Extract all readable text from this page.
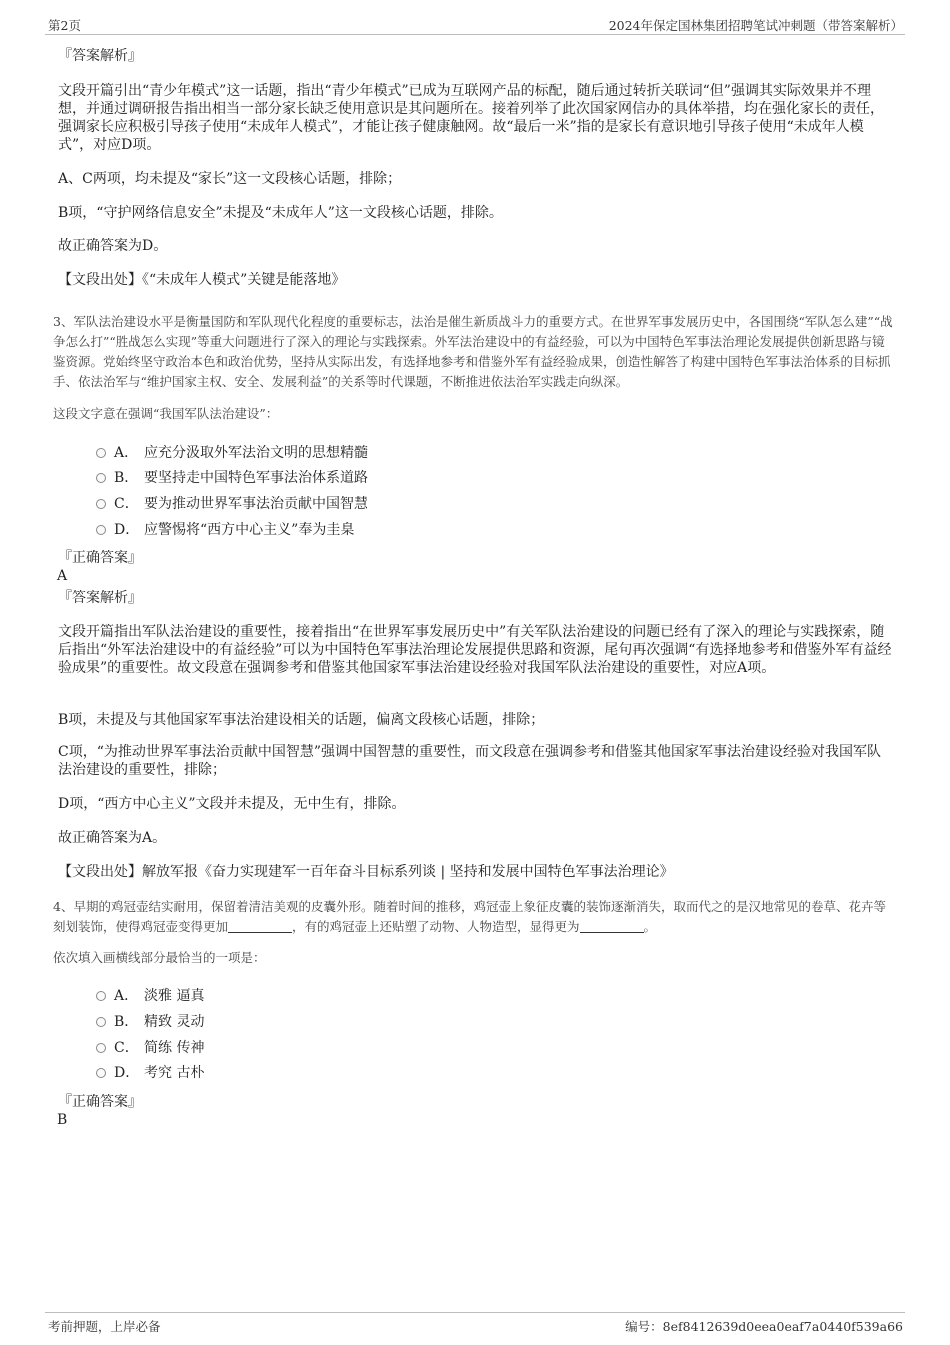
第2页	2024年保定国林集团招聘笔试冲刺题（带答案解析）
『答案解析』
文段开篇引出“青少年模式”这一话题，指出“青少年模式”已成为互联网产品的标配，随后通过转折关联词“但”强调其实际效果并不理想，并通过调研报告指出相当一部分家长缺乏使用意识是其问题所在。接着列举了此次国家网信办的具体举措，均在强化家长的责任，强调家长应积极引导孩子使用“未成年人模式”，才能让孩子健康触网。故“最后一米”指的是家长有意识地引导孩子使用“未成年人模式”，对应D项。
A、C两项，均未提及“家长”这一文段核心话题，排除；
B项，“守护网络信息安全”未提及“未成年人”这一文段核心话题，排除。
故正确答案为D。
【文段出处】《“未成年人模式”关键是能落地》
3、军队法治建设水平是衡量国防和军队现代化程度的重要标志，法治是催生新质战斗力的重要方式。在世界军事发展历史中，各国围绕“军队怎么建”“战争怎么打”“胜战怎么实现”等重大问题进行了深入的理论与实践探索。外军法治建设中的有益经验，可以为中国特色军事法治理论发展提供创新思路与镜鉴资源。党始终坚守政治本色和政治优势，坚持从实际出发，有选择地参考和借鉴外军有益经验成果，创造性解答了构建中国特色军事法治体系的目标抓手、依法治军与“维护国家主权、安全、发展利益”的关系等时代课题，不断推进依法治军实践走向纵深。
这段文字意在强调“我国军队法治建设”：
A． 应充分汲取外军法治文明的思想精髓
B． 要坚持走中国特色军事法治体系道路
C． 要为推动世界军事法治贡献中国智慧
D． 应警惕将“西方中心主义”奉为圭臬
『正确答案』
A
『答案解析』
文段开篇指出军队法治建设的重要性，接着指出“在世界军事发展历史中”有关军队法治建设的问题已经有了深入的理论与实践探索，随后指出“外军法治建设中的有益经验”可以为中国特色军事法治理论发展提供思路和资源，尾句再次强调“有选择地参考和借鉴外军有益经验成果”的重要性。故文段意在强调参考和借鉴其他国家军事法治建设经验对我国军队法治建设的重要性，对应A项。
B项，未提及与其他国家军事法治建设相关的话题，偏离文段核心话题，排除；
C项，“为推动世界军事法治贡献中国智慧”强调中国智慧的重要性，而文段意在强调参考和借鉴其他国家军事法治建设经验对我国军队法治建设的重要性，排除；
D项，“西方中心主义”文段并未提及，无中生有，排除。
故正确答案为A。
【文段出处】解放军报《奋力实现建军一百年奋斗目标系列谈 | 坚持和发展中国特色军事法治理论》
4、早期的鸡冠壶结实耐用，保留着清洁美观的皮囊外形。随着时间的推移，鸡冠壶上象征皮囊的装饰逐渐消失，取而代之的是汉地常见的卷草、花卉等刻划装饰，使得鸡冠壶变得更加	，有的鸡冠壶上还贴塑了动物、人物造型，显得更为	。
依次填入画横线部分最恰当的一项是：
A． 淡雅 逼真
B． 精致 灵动
C． 简练 传神
D． 考究 古朴
『正确答案』
B
考前押题，上岸必备	编号：8ef8412639d0eea0eaf7a0440f539a66
